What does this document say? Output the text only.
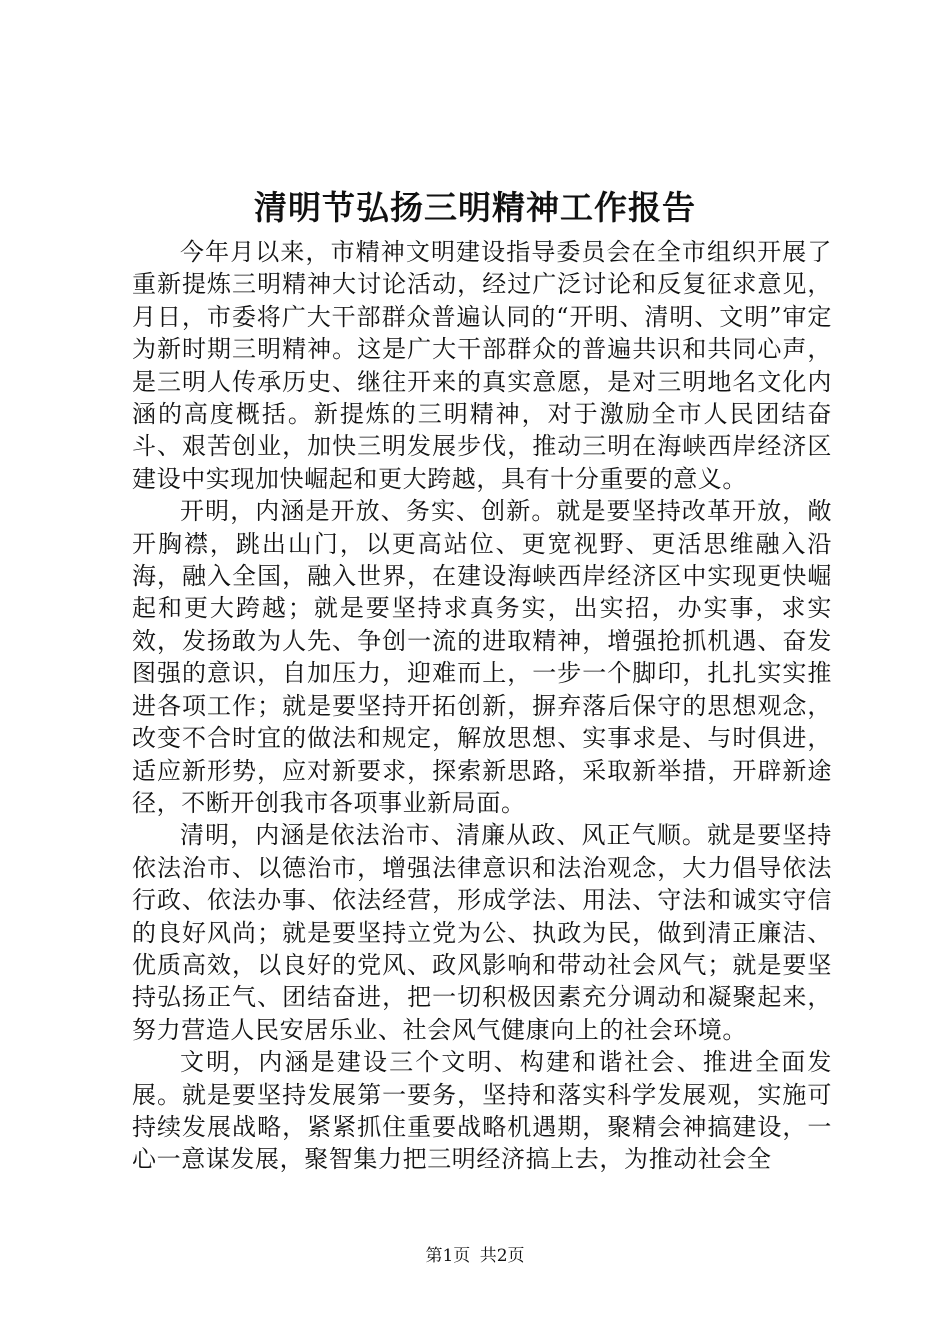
清明节弘扬三明精神工作报告

今年月以来，市精神文明建设指导委员会在全市组织开展了重新提炼三明精神大讨论活动，经过广泛讨论和反复征求意见，月日，市委将广大干部群众普遍认同的“开明、清明、文明”审定为新时期三明精神。这是广大干部群众的普遍共识和共同心声，是三明人传承历史、继往开来的真实意愿，是对三明地名文化内涵的高度概括。新提炼的三明精神，对于激励全市人民团结奋斗、艰苦创业，加快三明发展步伐，推动三明在海峡西岸经济区建设中实现加快崛起和更大跨越，具有十分重要的意义。

开明，内涵是开放、务实、创新。就是要坚持改革开放，敞开胸襟，跳出山门，以更高站位、更宽视野、更活思维融入沿海，融入全国，融入世界，在建设海峡西岸经济区中实现更快崛起和更大跨越；就是要坚持求真务实，出实招，办实事，求实效，发扬敢为人先、争创一流的进取精神，增强抢抓机遇、奋发图强的意识，自加压力，迎难而上，一步一个脚印，扎扎实实推进各项工作；就是要坚持开拓创新，摒弃落后保守的思想观念，改变不合时宜的做法和规定，解放思想、实事求是、与时俱进，适应新形势，应对新要求，探索新思路，采取新举措，开辟新途径，不断开创我市各项事业新局面。

清明，内涵是依法治市、清廉从政、风正气顺。就是要坚持依法治市、以德治市，增强法律意识和法治观念，大力倡导依法行政、依法办事、依法经营，形成学法、用法、守法和诚实守信的良好风尚；就是要坚持立党为公、执政为民，做到清正廉洁、优质高效，以良好的党风、政风影响和带动社会风气；就是要坚持弘扬正气、团结奋进，把一切积极因素充分调动和凝聚起来，努力营造人民安居乐业、社会风气健康向上的社会环境。

文明，内涵是建设三个文明、构建和谐社会、推进全面发展。就是要坚持发展第一要务，坚持和落实科学发展观，实施可持续发展战略，紧紧抓住重要战略机遇期，聚精会神搞建设，一心一意谋发展，聚智集力把三明经济搞上去，为推动社会全

第1页 共2页
